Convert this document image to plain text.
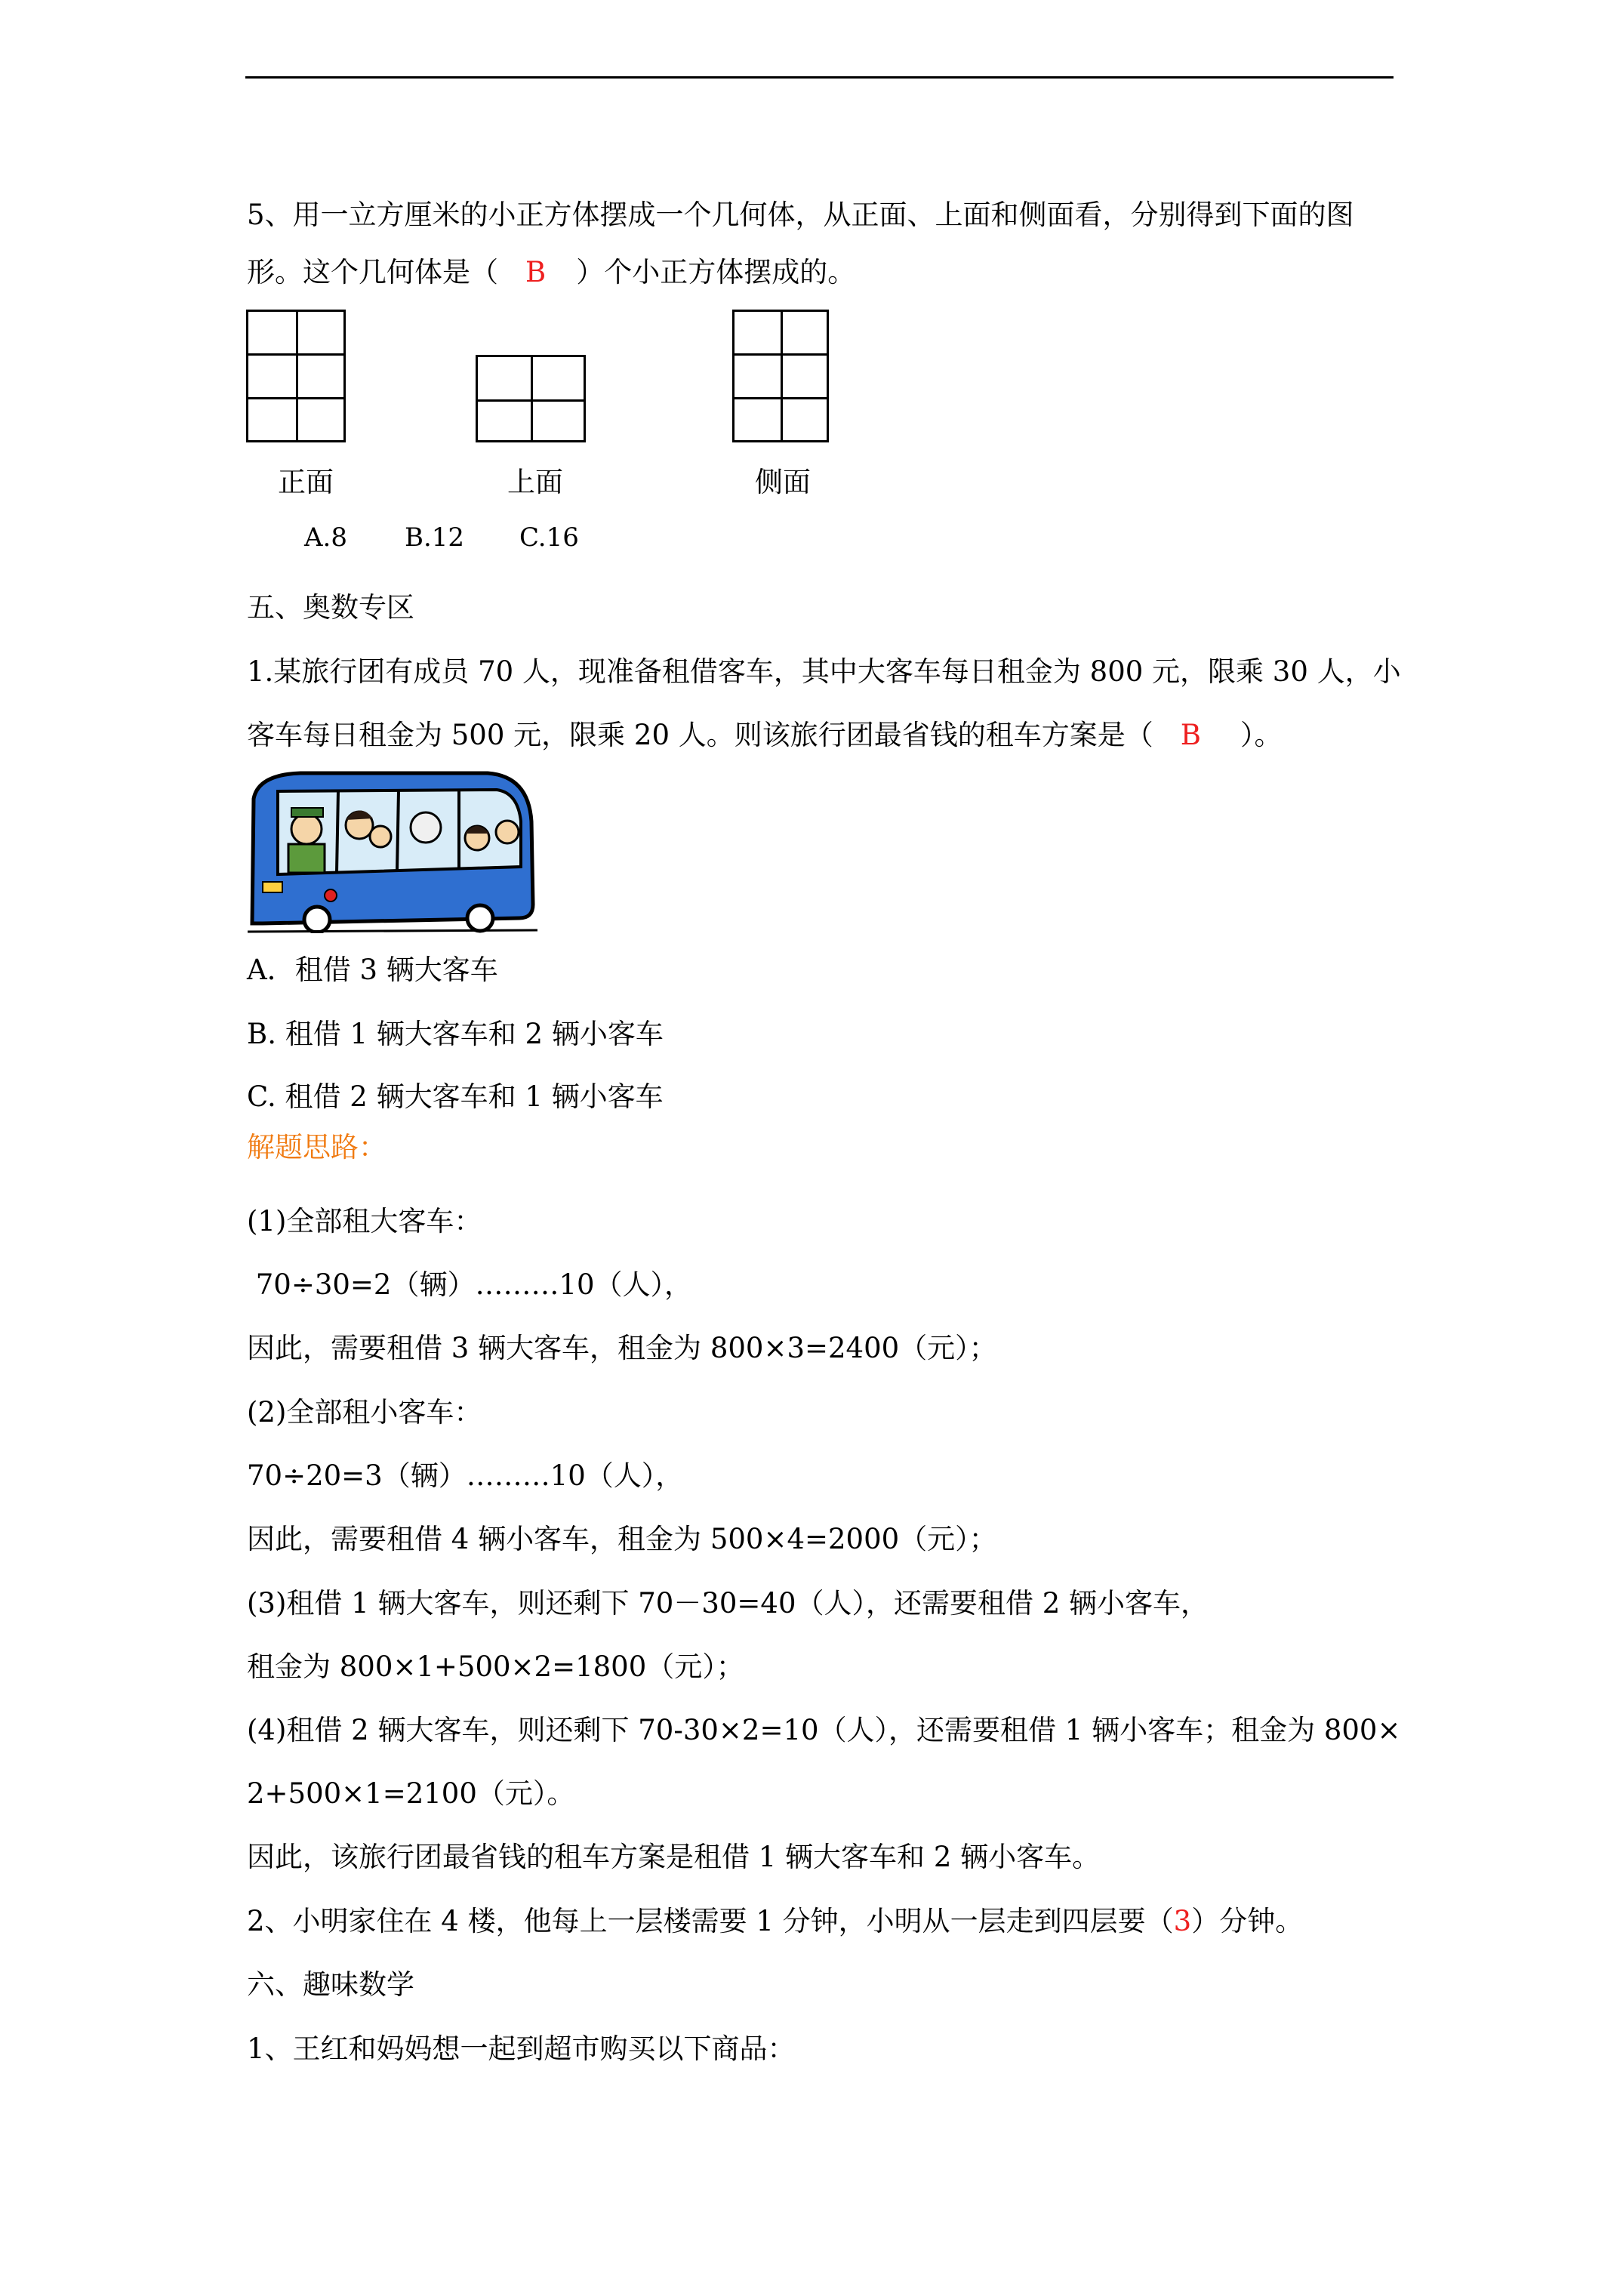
5、用一立方厘米的小正方体摆成一个几何体，从正面、上面和侧面看，分别得到下面的图
形。这个几何体是（ B ）个小正方体摆成的。
正面	上面	侧面
A.8 B.12 C.16
五、奥数专区
1.某旅行团有成员 70 人，现准备租借客车，其中大客车每日租金为 800 元，限乘 30 人，小
客车每日租金为 500 元，限乘 20 人。则该旅行团最省钱的租车方案是（ B ）。
A．租借 3 辆大客车
B. 租借 1 辆大客车和 2 辆小客车
C. 租借 2 辆大客车和 1 辆小客车
解题思路：
(1)全部租大客车：
70÷30=2（辆）………10（人），
因此，需要租借 3 辆大客车，租金为 800×3=2400（元）；
(2)全部租小客车：
70÷20=3（辆）………10（人），
因此，需要租借 4 辆小客车，租金为 500×4=2000（元）；
(3)租借 1 辆大客车，则还剩下 70－30=40（人），还需要租借 2 辆小客车，
租金为 800×1+500×2=1800（元）；
(4)租借 2 辆大客车，则还剩下 70-30×2=10（人），还需要租借 1 辆小客车；租金为 800×
2+500×1=2100（元）。
因此，该旅行团最省钱的租车方案是租借 1 辆大客车和 2 辆小客车。
2、小明家住在 4 楼，他每上一层楼需要 1 分钟，小明从一层走到四层要（3）分钟。
六、趣味数学
1、王红和妈妈想一起到超市购买以下商品：
